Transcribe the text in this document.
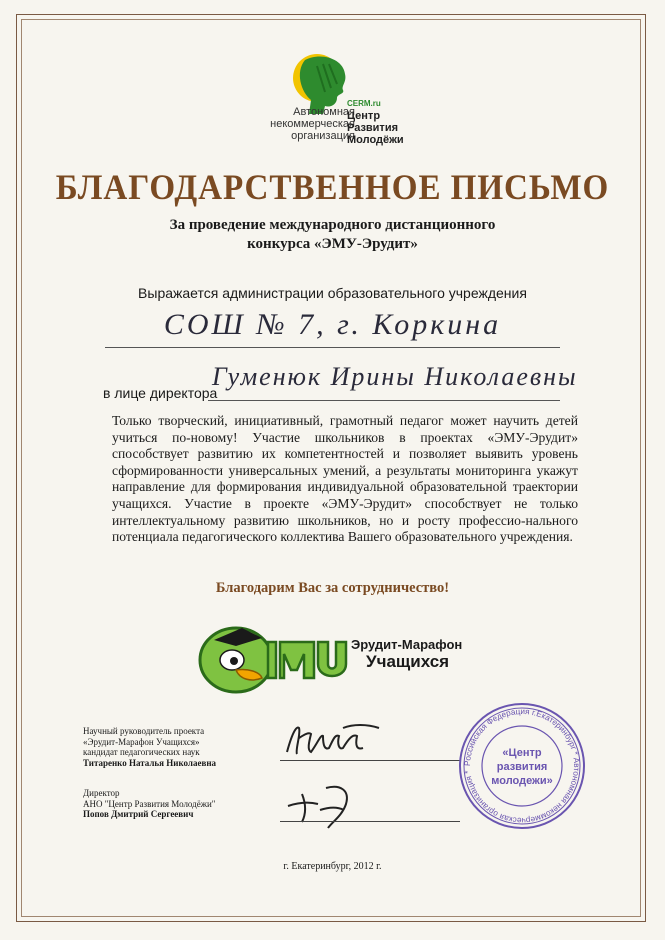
Автономная
некоммерческая
организация
CERM.ru
Центр
Развития
Молодёжи
БЛАГОДАРСТВЕННОЕ ПИСЬМО
За проведение международного дистанционного
конкурса «ЭМУ-Эрудит»
Выражается администрации образовательного учреждения
СОШ № 7, г. Коркина
в лице директора
Гуменюк Ирины Николаевны
Только творческий, инициативный, грамотный педагог может научить детей учиться по-новому! Участие школьников в проектах «ЭМУ-Эрудит» способствует развитию их компетентностей и позволяет выявить уровень сформированности универсальных умений, а результаты мониторинга укажут направление для формирования индивидуальной образовательной траектории учащихся. Участие в проекте «ЭМУ-Эрудит» способствует не только интеллектуальному развитию школьников, но и росту профессио-нального потенциала педагогического коллектива Вашего образовательного учреждения.
Благодарим Вас за сотрудничество!
Эрудит-Марафон
Учащихся
Научный руководитель проекта
«Эрудит-Марафон Учащихся»
кандидат педагогических наук
Титаренко Наталья Николаевна
Директор
АНО "Центр Развития Молодёжи"
Попов Дмитрий Сергеевич
Российская Федерация г.Екатеринбург * Автономная некоммерческая организация *
«Центр
развития
молодежи»
г. Екатеринбург, 2012 г.
